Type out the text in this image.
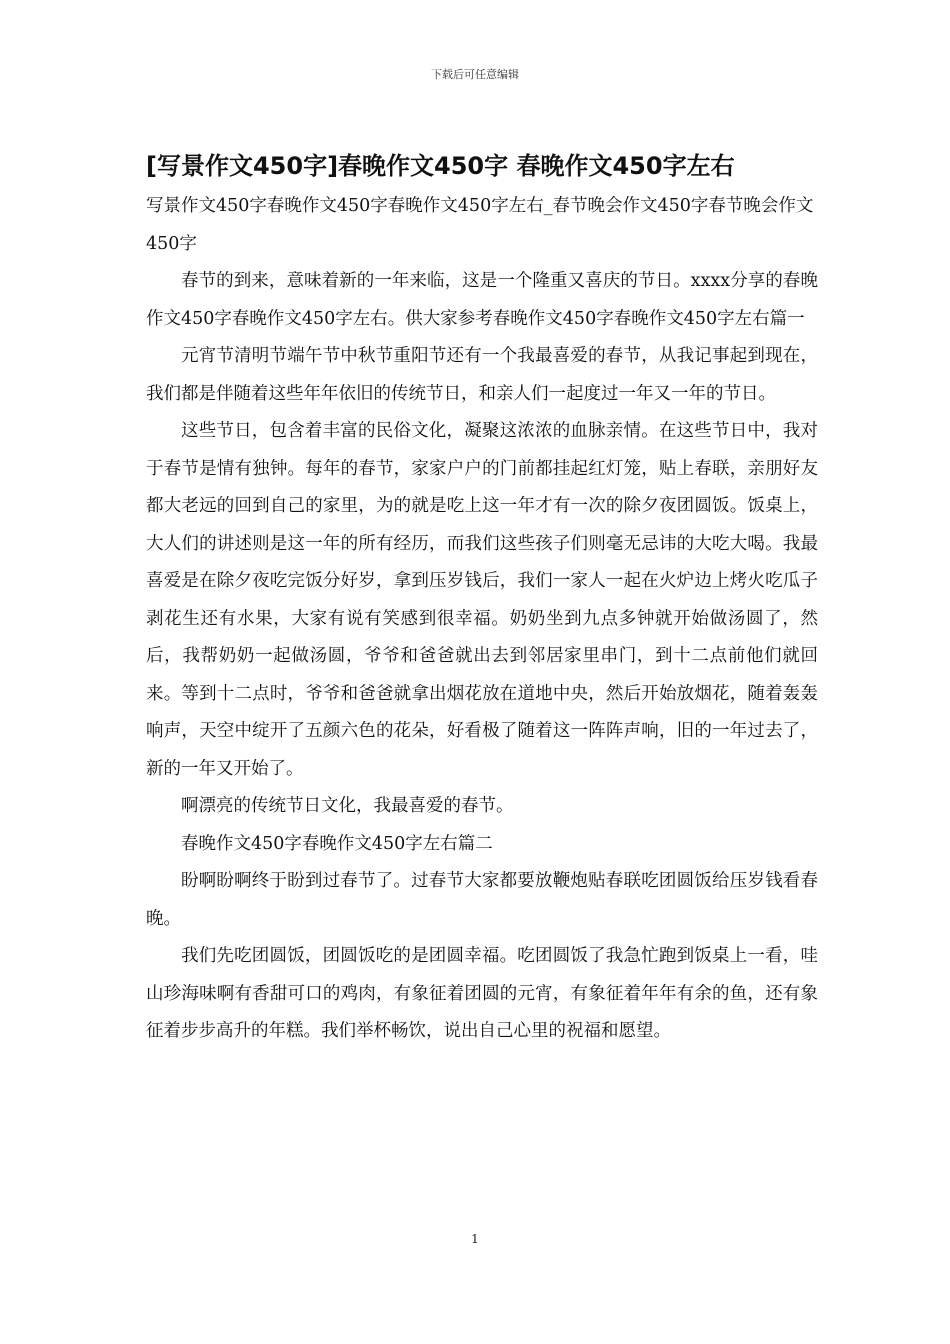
下载后可任意编辑
[写景作文450字]春晚作文450字 春晚作文450字左右

写景作文450字春晚作文450字春晚作文450字左右_春节晚会作文450字春节晚会作文450字

春节的到来，意味着新的一年来临，这是一个隆重又喜庆的节日。xxxx分享的春晚作文450字春晚作文450字左右。供大家参考春晚作文450字春晚作文450字左右篇一

元宵节清明节端午节中秋节重阳节还有一个我最喜爱的春节，从我记事起到现在，我们都是伴随着这些年年依旧的传统节日，和亲人们一起度过一年又一年的节日。

这些节日，包含着丰富的民俗文化，凝聚这浓浓的血脉亲情。在这些节日中，我对于春节是情有独钟。每年的春节，家家户户的门前都挂起红灯笼，贴上春联，亲朋好友都大老远的回到自己的家里，为的就是吃上这一年才有一次的除夕夜团圆饭。饭桌上，大人们的讲述则是这一年的所有经历，而我们这些孩子们则毫无忌讳的大吃大喝。我最喜爱是在除夕夜吃完饭分好岁，拿到压岁钱后，我们一家人一起在火炉边上烤火吃瓜子剥花生还有水果，大家有说有笑感到很幸福。奶奶坐到九点多钟就开始做汤圆了，然后，我帮奶奶一起做汤圆，爷爷和爸爸就出去到邻居家里串门，到十二点前他们就回来。等到十二点时，爷爷和爸爸就拿出烟花放在道地中央，然后开始放烟花，随着轰轰响声，天空中绽开了五颜六色的花朵，好看极了随着这一阵阵声响，旧的一年过去了，新的一年又开始了。

啊漂亮的传统节日文化，我最喜爱的春节。

春晚作文450字春晚作文450字左右篇二

盼啊盼啊终于盼到过春节了。过春节大家都要放鞭炮贴春联吃团圆饭给压岁钱看春晚。

我们先吃团圆饭，团圆饭吃的是团圆幸福。吃团圆饭了我急忙跑到饭桌上一看，哇山珍海味啊有香甜可口的鸡肉，有象征着团圆的元宵，有象征着年年有余的鱼，还有象征着步步高升的年糕。我们举杯畅饮，说出自己心里的祝福和愿望。

1
